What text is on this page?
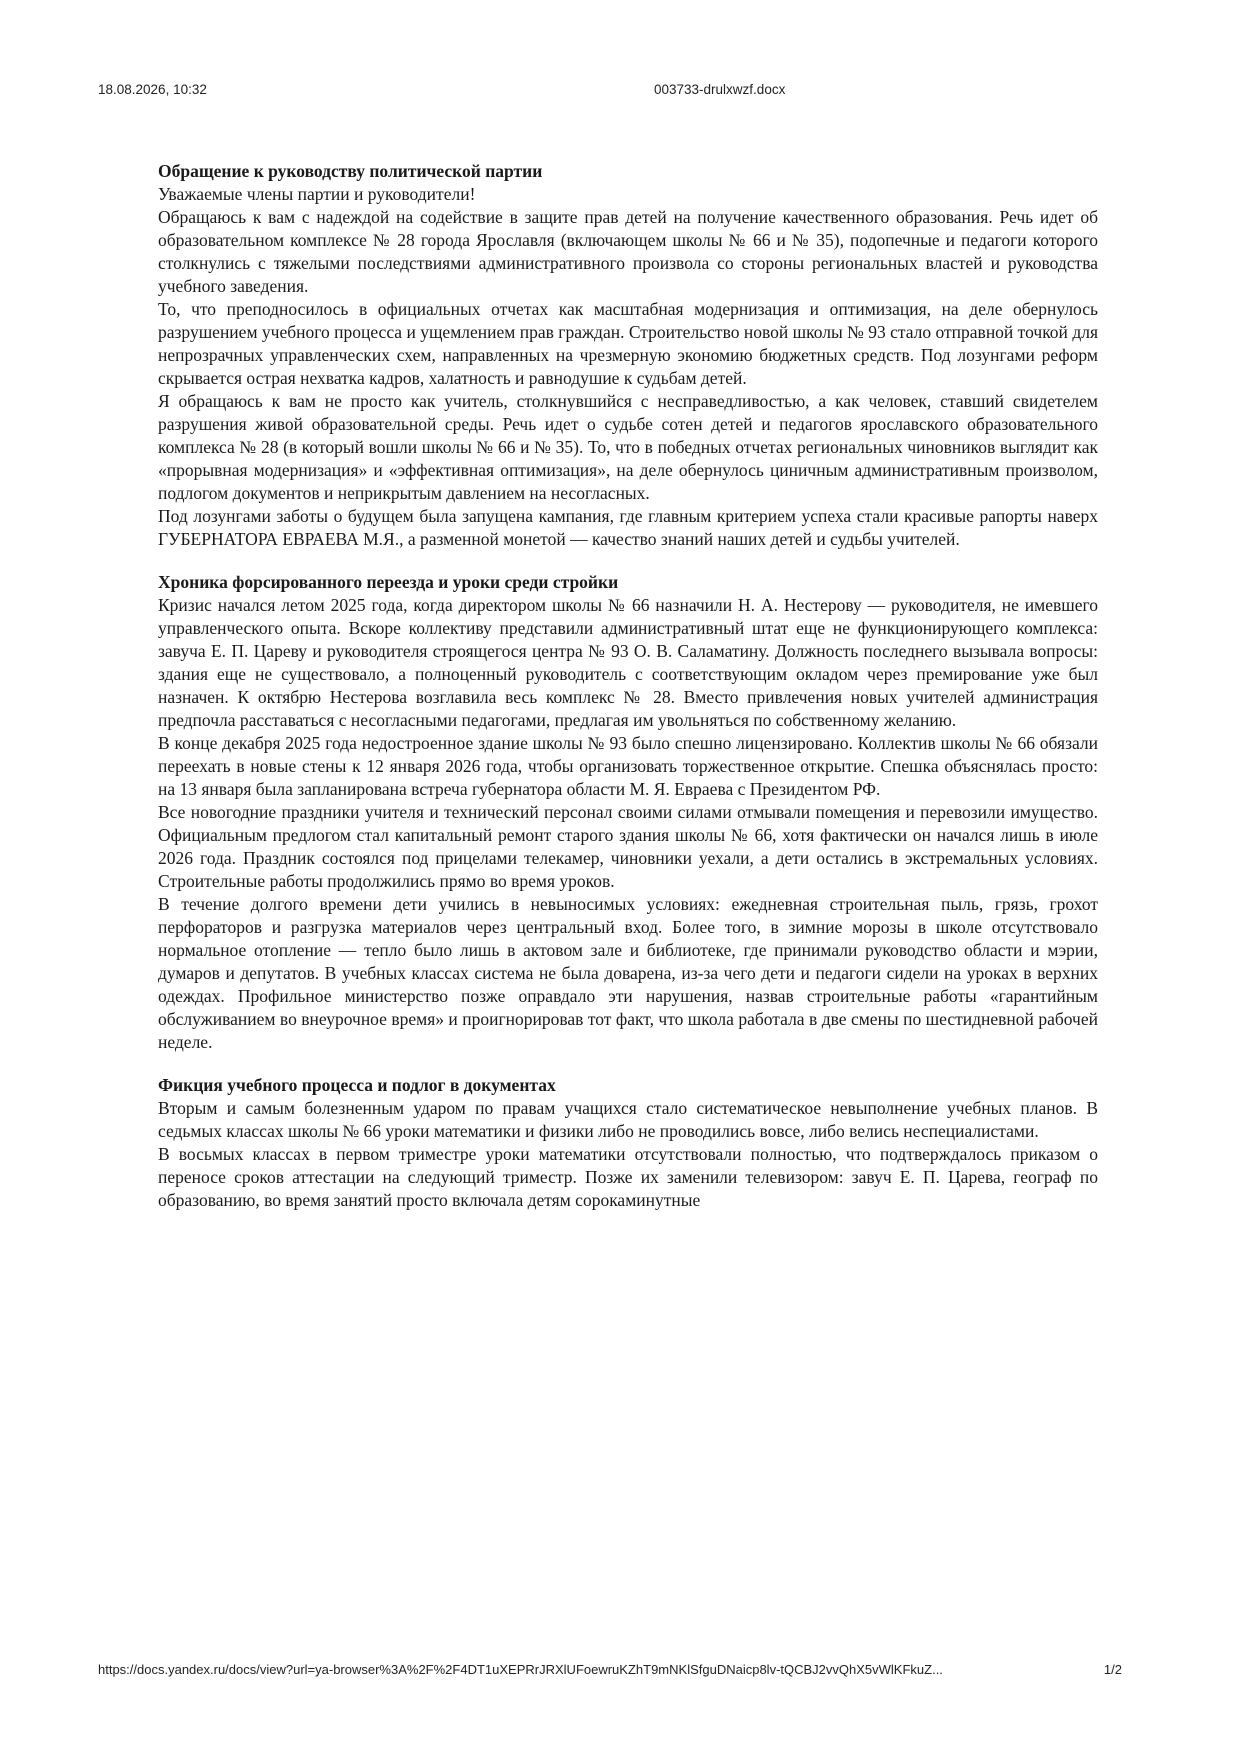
18.08.2026, 10:32	003733-drulxwzf.docx
Обращение к руководству политической партии

Уважаемые члены партии и руководители!

Обращаюсь к вам с надеждой на содействие в защите прав детей на получение качественного образования. Речь идет об образовательном комплексе № 28 города Ярославля (включающем школы № 66 и № 35), подопечные и педагоги которого столкнулись с тяжелыми последствиями административного произвола со стороны региональных властей и руководства учебного заведения.

То, что преподносилось в официальных отчетах как масштабная модернизация и оптимизация, на деле обернулось разрушением учебного процесса и ущемлением прав граждан. Строительство новой школы № 93 стало отправной точкой для непрозрачных управленческих схем, направленных на чрезмерную экономию бюджетных средств. Под лозунгами реформ скрывается острая нехватка кадров, халатность и равнодушие к судьбам детей.

Я обращаюсь к вам не просто как учитель, столкнувшийся с несправедливостью, а как человек, ставший свидетелем разрушения живой образовательной среды. Речь идет о судьбе сотен детей и педагогов ярославского образовательного комплекса № 28 (в который вошли школы № 66 и № 35). То, что в победных отчетах региональных чиновников выглядит как «прорывная модернизация» и «эффективная оптимизация», на деле обернулось циничным административным произволом, подлогом документов и неприкрытым давлением на несогласных.

Под лозунгами заботы о будущем была запущена кампания, где главным критерием успеха стали красивые рапорты наверх ГУБЕРНАТОРА ЕВРАЕВА М.Я., а разменной монетой — качество знаний наших детей и судьбы учителей.

Хроника форсированного переезда и уроки среди стройки

Кризис начался летом 2025 года, когда директором школы № 66 назначили Н. А. Нестерову — руководителя, не имевшего управленческого опыта. Вскоре коллективу представили административный штат еще не функционирующего комплекса: завуча Е. П. Цареву и руководителя строящегося центра № 93 О. В. Саламатину. Должность последнего вызывала вопросы: здания еще не существовало, а полноценный руководитель с соответствующим окладом через премирование уже был назначен. К октябрю Нестерова возглавила весь комплекс № 28. Вместо привлечения новых учителей администрация предпочла расставаться с несогласными педагогами, предлагая им увольняться по собственному желанию.

В конце декабря 2025 года недостроенное здание школы № 93 было спешно лицензировано. Коллектив школы № 66 обязали переехать в новые стены к 12 января 2026 года, чтобы организовать торжественное открытие. Спешка объяснялась просто: на 13 января была запланирована встреча губернатора области М. Я. Евраева с Президентом РФ.

Все новогодние праздники учителя и технический персонал своими силами отмывали помещения и перевозили имущество. Официальным предлогом стал капитальный ремонт старого здания школы № 66, хотя фактически он начался лишь в июле 2026 года. Праздник состоялся под прицелами телекамер, чиновники уехали, а дети остались в экстремальных условиях. Строительные работы продолжились прямо во время уроков.

В течение долгого времени дети учились в невыносимых условиях: ежедневная строительная пыль, грязь, грохот перфораторов и разгрузка материалов через центральный вход. Более того, в зимние морозы в школе отсутствовало нормальное отопление — тепло было лишь в актовом зале и библиотеке, где принимали руководство области и мэрии, думаров и депутатов. В учебных классах система не была доварена, из-за чего дети и педагоги сидели на уроках в верхних одеждах. Профильное министерство позже оправдало эти нарушения, назвав строительные работы «гарантийным обслуживанием во внеурочное время» и проигнорировав тот факт, что школа работала в две смены по шестидневной рабочей неделе.

Фикция учебного процесса и подлог в документах

Вторым и самым болезненным ударом по правам учащихся стало систематическое невыполнение учебных планов. В седьмых классах школы № 66 уроки математики и физики либо не проводились вовсе, либо велись неспециалистами.

В восьмых классах в первом триместре уроки математики отсутствовали полностью, что подтверждалось приказом о переносе сроков аттестации на следующий триместр. Позже их заменили телевизором: завуч Е. П. Царева, географ по образованию, во время занятий просто включала детям сорокаминутные

https://docs.yandex.ru/docs/view?url=ya-browser%3A%2F%2F4DT1uXEPRrJRXlUFoewruKZhT9mNKlSfguDNaicp8lv-tQCBJ2vvQhX5vWlKFkuZ...	1/2
